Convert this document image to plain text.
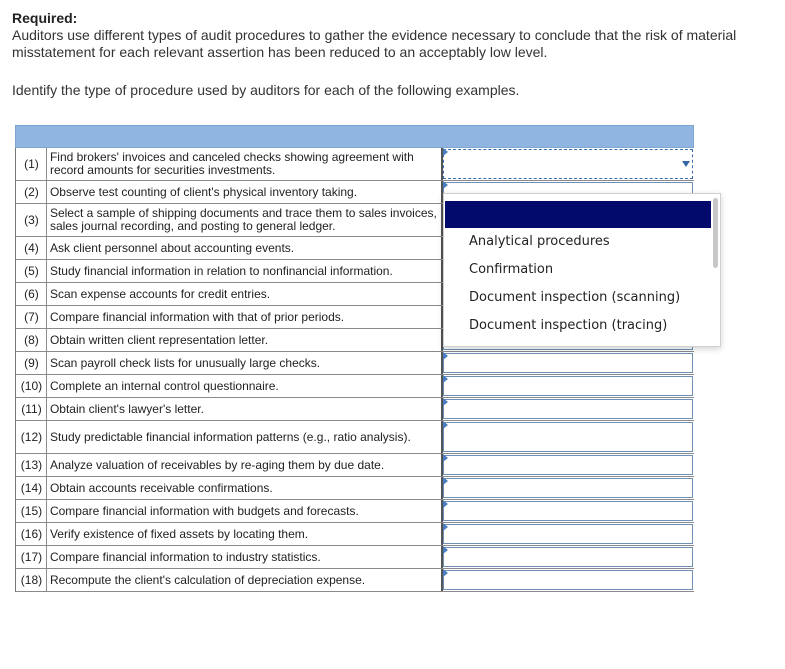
Required:
Auditors use different types of audit procedures to gather the evidence necessary to conclude that the risk of material misstatement for each relevant assertion has been reduced to an acceptably low level.
Identify the type of procedure used by auditors for each of the following examples.
(1) Find brokers' invoices and canceled checks showing agreement with record amounts for securities investments.
(2) Observe test counting of client's physical inventory taking.
(3) Select a sample of shipping documents and trace them to sales invoices, sales journal recording, and posting to general ledger.
(4) Ask client personnel about accounting events.
(5) Study financial information in relation to nonfinancial information.
(6) Scan expense accounts for credit entries.
(7) Compare financial information with that of prior periods.
(8) Obtain written client representation letter.
(9) Scan payroll check lists for unusually large checks.
(10) Complete an internal control questionnaire.
(11) Obtain client's lawyer's letter.
(12) Study predictable financial information patterns (e.g., ratio analysis).
(13) Analyze valuation of receivables by re-aging them by due date.
(14) Obtain accounts receivable confirmations.
(15) Compare financial information with budgets and forecasts.
(16) Verify existence of fixed assets by locating them.
(17) Compare financial information to industry statistics.
(18) Recompute the client's calculation of depreciation expense.
Analytical procedures
Confirmation
Document inspection (scanning)
Document inspection (tracing)
